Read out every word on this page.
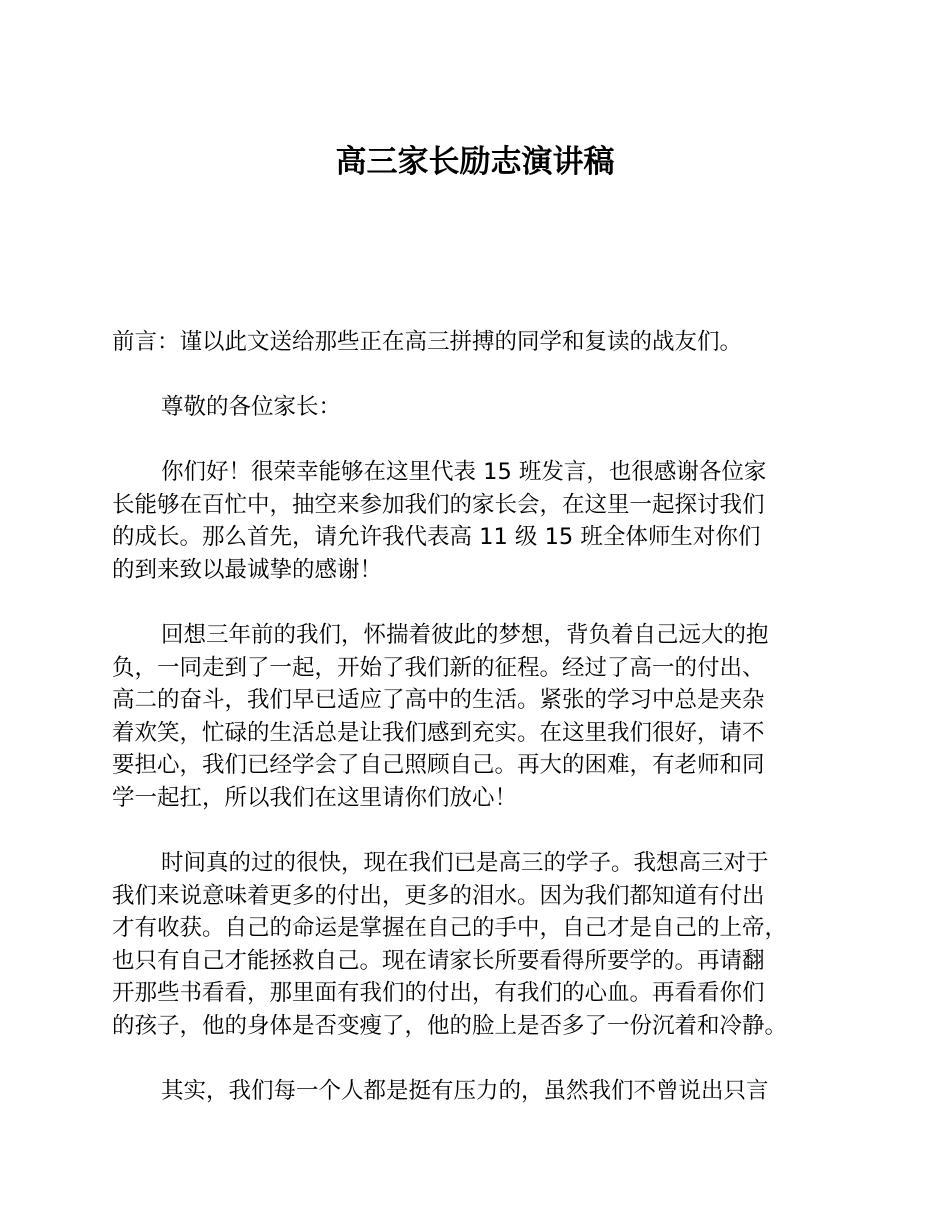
高三家长励志演讲稿
前言：谨以此文送给那些正在高三拼搏的同学和复读的战友们。
尊敬的各位家长：
你们好！很荣幸能够在这里代表 15 班发言，也很感谢各位家
长能够在百忙中，抽空来参加我们的家长会，在这里一起探讨我们
的成长。那么首先，请允许我代表高 11 级 15 班全体师生对你们
的到来致以最诚挚的感谢！
回想三年前的我们，怀揣着彼此的梦想，背负着自己远大的抱
负，一同走到了一起，开始了我们新的征程。经过了高一的付出、
高二的奋斗，我们早已适应了高中的生活。紧张的学习中总是夹杂
着欢笑，忙碌的生活总是让我们感到充实。在这里我们很好，请不
要担心，我们已经学会了自己照顾自己。再大的困难，有老师和同
学一起扛，所以我们在这里请你们放心！
时间真的过的很快，现在我们已是高三的学子。我想高三对于
我们来说意味着更多的付出，更多的泪水。因为我们都知道有付出
才有收获。自己的命运是掌握在自己的手中，自己才是自己的上帝，
也只有自己才能拯救自己。现在请家长所要看得所要学的。再请翻
开那些书看看，那里面有我们的付出，有我们的心血。再看看你们
的孩子，他的身体是否变瘦了，他的脸上是否多了一份沉着和冷静。
其实，我们每一个人都是挺有压力的，虽然我们不曾说出只言
